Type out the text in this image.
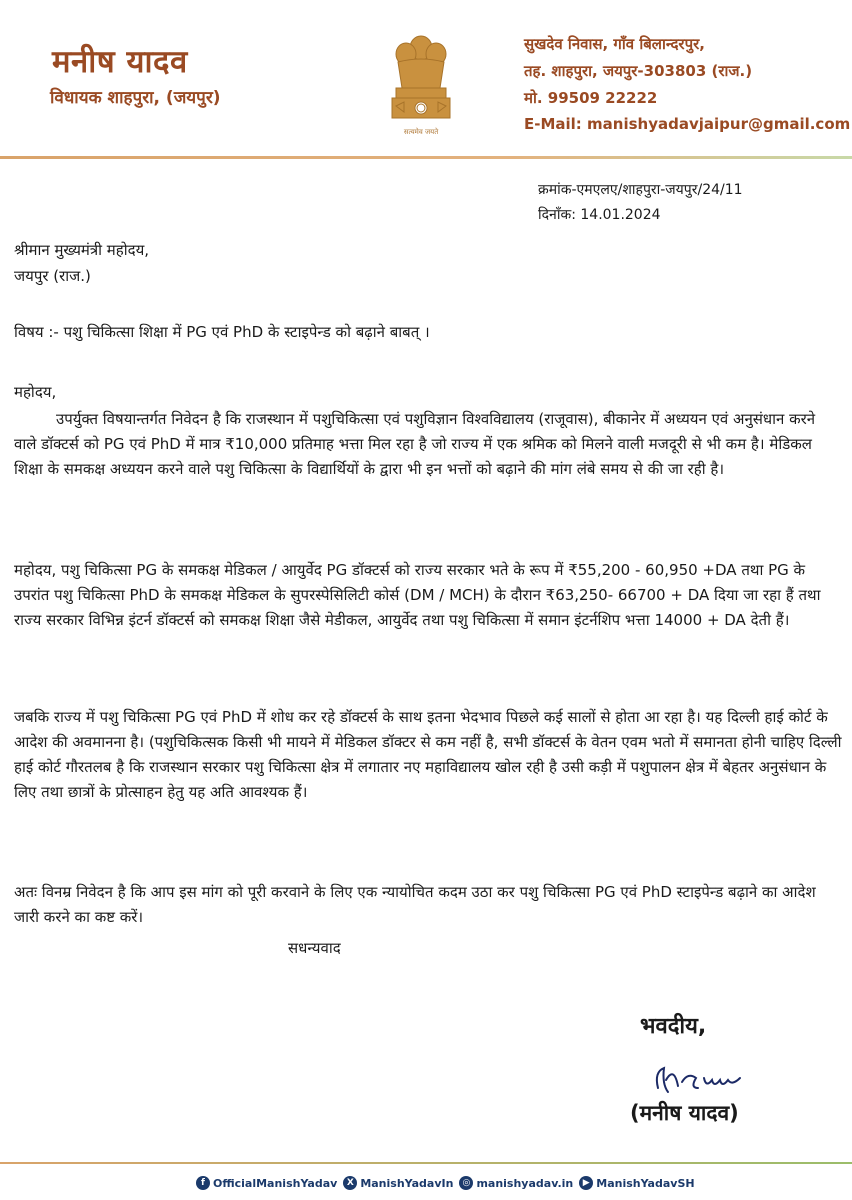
मनीष यादव
विधायक शाहपुरा, (जयपुर)
सत्यमेव जयते
सुखदेव निवास, गाँव बिलान्दरपुर,
तह. शाहपुरा, जयपुर-303803 (राज.)
मो. 99509 22222
E-Mail: manishyadavjaipur@gmail.com
क्रमांक-एमएलए/शाहपुरा-जयपुर/24/11
दिनाँक: 14.01.2024
श्रीमान मुख्यमंत्री महोदय,
जयपुर (राज.)
विषय :- पशु चिकित्सा शिक्षा में PG एवं PhD के स्टाइपेन्ड को बढ़ाने बाबत् ।
महोदय,
उपर्युक्त विषयान्तर्गत निवेदन है कि राजस्थान में पशुचिकित्सा एवं पशुविज्ञान विश्वविद्यालय (राजूवास), बीकानेर में अध्ययन एवं अनुसंधान करने वाले डॉक्टर्स को PG एवं PhD में मात्र ₹10,000 प्रतिमाह भत्ता मिल रहा है जो राज्य में एक श्रमिक को मिलने वाली मजदूरी से भी कम है। मेडिकल शिक्षा के समकक्ष अध्ययन करने वाले पशु चिकित्सा के विद्यार्थियों के द्वारा भी इन भत्तों को बढ़ाने की मांग लंबे समय से की जा रही है।
महोदय, पशु चिकित्सा PG के समकक्ष मेडिकल / आयुर्वेद PG डॉक्टर्स को राज्य सरकार भते के रूप में ₹55,200 - 60,950 +DA तथा PG के उपरांत पशु चिकित्सा PhD के समकक्ष मेडिकल के सुपरस्पेसिलिटी कोर्स (DM / MCH) के दौरान ₹63,250- 66700 + DA दिया जा रहा हैं तथा राज्य सरकार विभिन्न इंटर्न डॉक्टर्स को समकक्ष शिक्षा जैसे मेडीकल, आयुर्वेद तथा पशु चिकित्सा में समान इंटर्नशिप भत्ता 14000 + DA देती हैं।
जबकि राज्य में पशु चिकित्सा PG एवं PhD में शोध कर रहे डॉक्टर्स के साथ इतना भेदभाव पिछले कई सालों से होता आ रहा है। यह दिल्ली हाई कोर्ट के आदेश की अवमानना है। (पशुचिकित्सक किसी भी मायने में मेडिकल डॉक्टर से कम नहीं है, सभी डॉक्टर्स के वेतन एवम भतो में समानता होनी चाहिए दिल्ली हाई कोर्ट गौरतलब है कि राजस्थान सरकार पशु चिकित्सा क्षेत्र में लगातार नए महाविद्यालय खोल रही है उसी कड़ी में पशुपालन क्षेत्र में बेहतर अनुसंधान के लिए तथा छात्रों के प्रोत्साहन हेतु यह अति आवश्यक हैं।
अतः विनम्र निवेदन है कि आप इस मांग को पूरी करवाने के लिए एक न्यायोचित कदम उठा कर पशु चिकित्सा PG एवं PhD स्टाइपेन्ड बढ़ाने का आदेश जारी करने का कष्ट करें।
सधन्यवाद
भवदीय,
(मनीष यादव)
f OfficialManishYadav	X ManishYadavIn	◎ manishyadav.in	▶ ManishYadavSH
